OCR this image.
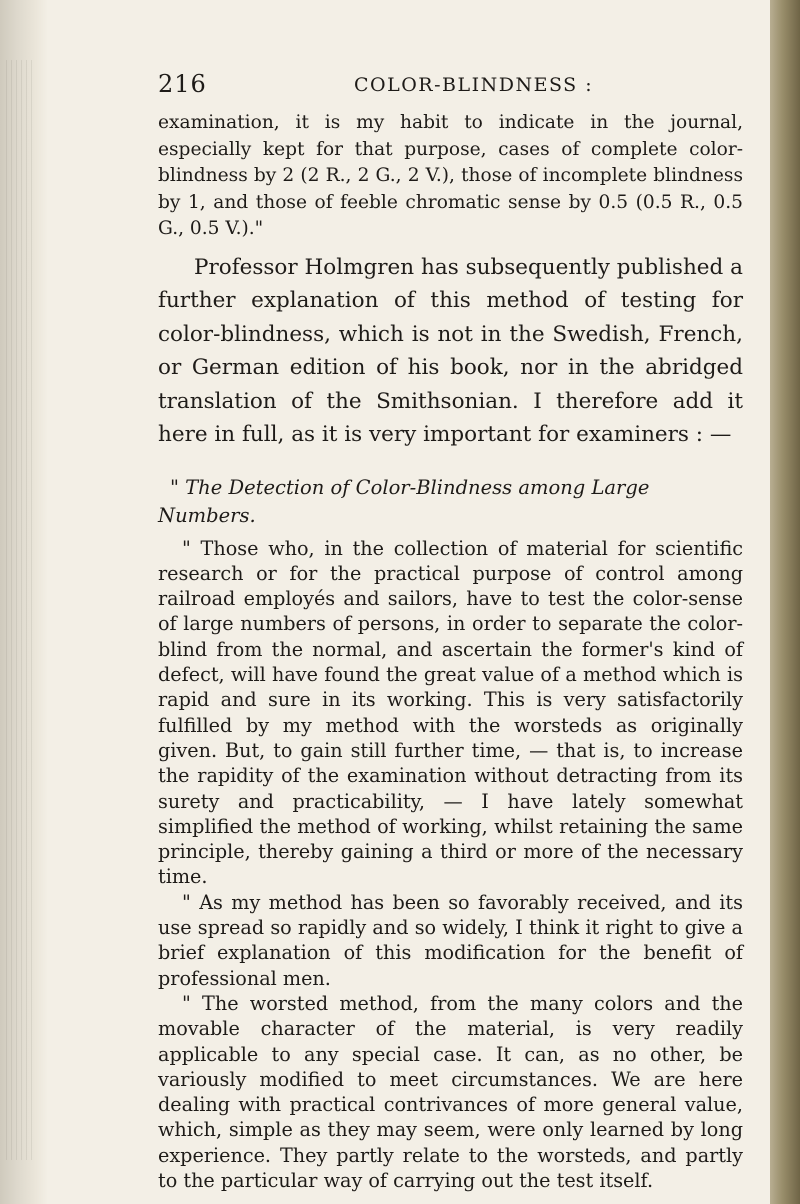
216	COLOR-BLINDNESS :

examination, it is my habit to indicate in the journal, especially kept for that purpose, cases of complete color-blindness by 2 (2 R., 2 G., 2 V.), those of incomplete blindness by 1, and those of feeble chromatic sense by 0.5 (0.5 R., 0.5 G., 0.5 V.)."

Professor Holmgren has subsequently published a further explanation of this method of testing for color-blindness, which is not in the Swedish, French, or German edition of his book, nor in the abridged translation of the Smithsonian. I therefore add it here in full, as it is very important for examiners : —

" The Detection of Color-Blindness among Large Numbers.

" Those who, in the collection of material for scientific research or for the practical purpose of control among railroad employés and sailors, have to test the color-sense of large numbers of persons, in order to separate the color-blind from the normal, and ascertain the former's kind of defect, will have found the great value of a method which is rapid and sure in its working. This is very satisfactorily fulfilled by my method with the worsteds as originally given. But, to gain still further time, — that is, to increase the rapidity of the examination without detracting from its surety and practicability, — I have lately somewhat simplified the method of working, whilst retaining the same principle, thereby gaining a third or more of the necessary time.

" As my method has been so favorably received, and its use spread so rapidly and so widely, I think it right to give a brief explanation of this modification for the benefit of professional men.

" The worsted method, from the many colors and the movable character of the material, is very readily applicable to any special case. It can, as no other, be variously modified to meet circumstances. We are here dealing with practical contrivances of more general value, which, simple as they may seem, were only learned by long experience. They partly relate to the worsteds, and partly to the particular way of carrying out the test itself.
